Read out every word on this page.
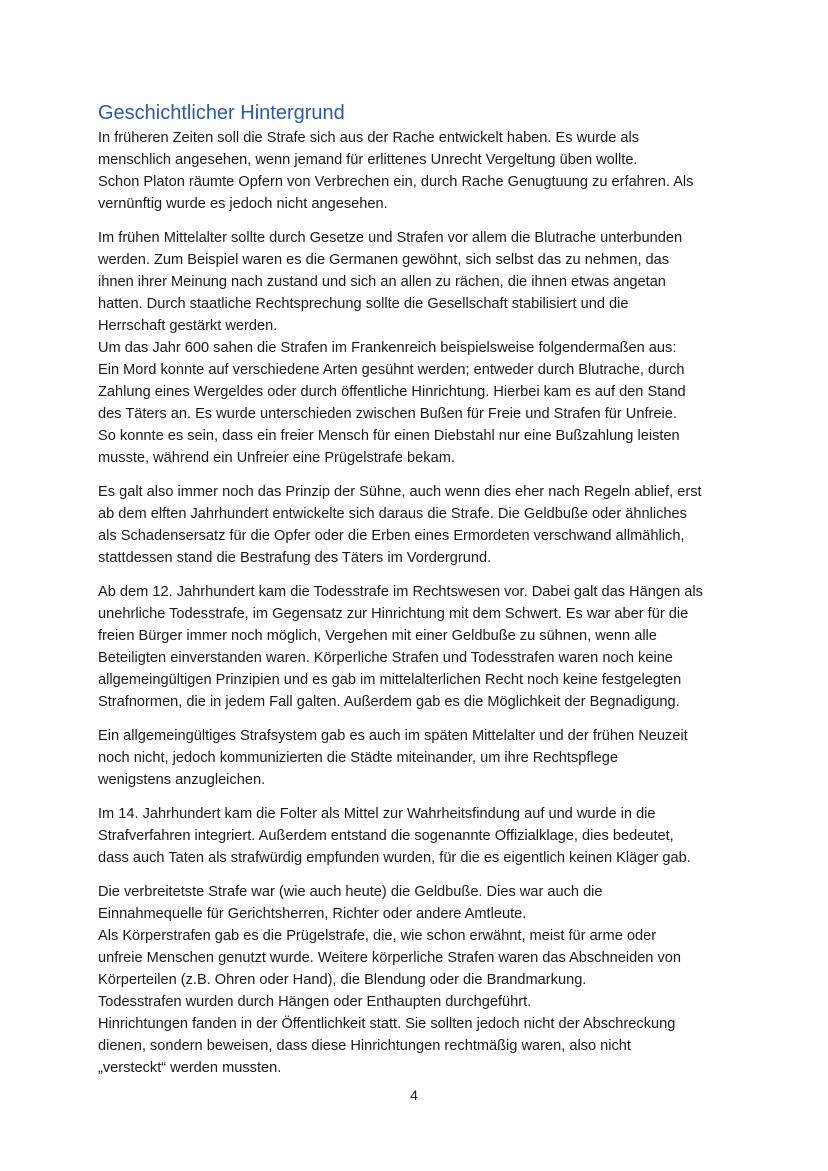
Geschichtlicher Hintergrund

In früheren Zeiten soll die Strafe sich aus der Rache entwickelt haben. Es wurde als
menschlich angesehen, wenn jemand für erlittenes Unrecht Vergeltung üben wollte.
Schon Platon räumte Opfern von Verbrechen ein, durch Rache Genugtuung zu erfahren. Als
vernünftig wurde es jedoch nicht angesehen.

Im frühen Mittelalter sollte durch Gesetze und Strafen vor allem die Blutrache unterbunden
werden. Zum Beispiel waren es die Germanen gewöhnt, sich selbst das zu nehmen, das
ihnen ihrer Meinung nach zustand und sich an allen zu rächen, die ihnen etwas angetan
hatten. Durch staatliche Rechtsprechung sollte die Gesellschaft stabilisiert und die
Herrschaft gestärkt werden.
Um das Jahr 600 sahen die Strafen im Frankenreich beispielsweise folgendermaßen aus:
Ein Mord konnte auf verschiedene Arten gesühnt werden; entweder durch Blutrache, durch
Zahlung eines Wergeldes oder durch öffentliche Hinrichtung. Hierbei kam es auf den Stand
des Täters an. Es wurde unterschieden zwischen Bußen für Freie und Strafen für Unfreie.
So konnte es sein, dass ein freier Mensch für einen Diebstahl nur eine Bußzahlung leisten
musste, während ein Unfreier eine Prügelstrafe bekam.

Es galt also immer noch das Prinzip der Sühne, auch wenn dies eher nach Regeln ablief, erst
ab dem elften Jahrhundert entwickelte sich daraus die Strafe. Die Geldbuße oder ähnliches
als Schadensersatz für die Opfer oder die Erben eines Ermordeten verschwand allmählich,
stattdessen stand die Bestrafung des Täters im Vordergrund.

Ab dem 12. Jahrhundert kam die Todesstrafe im Rechtswesen vor. Dabei galt das Hängen als
unehrliche Todesstrafe, im Gegensatz zur Hinrichtung mit dem Schwert. Es war aber für die
freien Bürger immer noch möglich, Vergehen mit einer Geldbuße zu sühnen, wenn alle
Beteiligten einverstanden waren. Körperliche Strafen und Todesstrafen waren noch keine
allgemeingültigen Prinzipien und es gab im mittelalterlichen Recht noch keine festgelegten
Strafnormen, die in jedem Fall galten. Außerdem gab es die Möglichkeit der Begnadigung.

Ein allgemeingültiges Strafsystem gab es auch im späten Mittelalter und der frühen Neuzeit
noch nicht, jedoch kommunizierten die Städte miteinander, um ihre Rechtspflege
wenigstens anzugleichen.

Im 14. Jahrhundert kam die Folter als Mittel zur Wahrheitsfindung auf und wurde in die
Strafverfahren integriert. Außerdem entstand die sogenannte Offizialklage, dies bedeutet,
dass auch Taten als strafwürdig empfunden wurden, für die es eigentlich keinen Kläger gab.

Die verbreitetste Strafe war (wie auch heute) die Geldbuße. Dies war auch die
Einnahmequelle für Gerichtsherren, Richter oder andere Amtleute.
Als Körperstrafen gab es die Prügelstrafe, die, wie schon erwähnt, meist für arme oder
unfreie Menschen genutzt wurde. Weitere körperliche Strafen waren das Abschneiden von
Körperteilen (z.B. Ohren oder Hand), die Blendung oder die Brandmarkung.
Todesstrafen wurden durch Hängen oder Enthaupten durchgeführt.
Hinrichtungen fanden in der Öffentlichkeit statt. Sie sollten jedoch nicht der Abschreckung
dienen, sondern beweisen, dass diese Hinrichtungen rechtmäßig waren, also nicht
„versteckt“ werden mussten.

4
